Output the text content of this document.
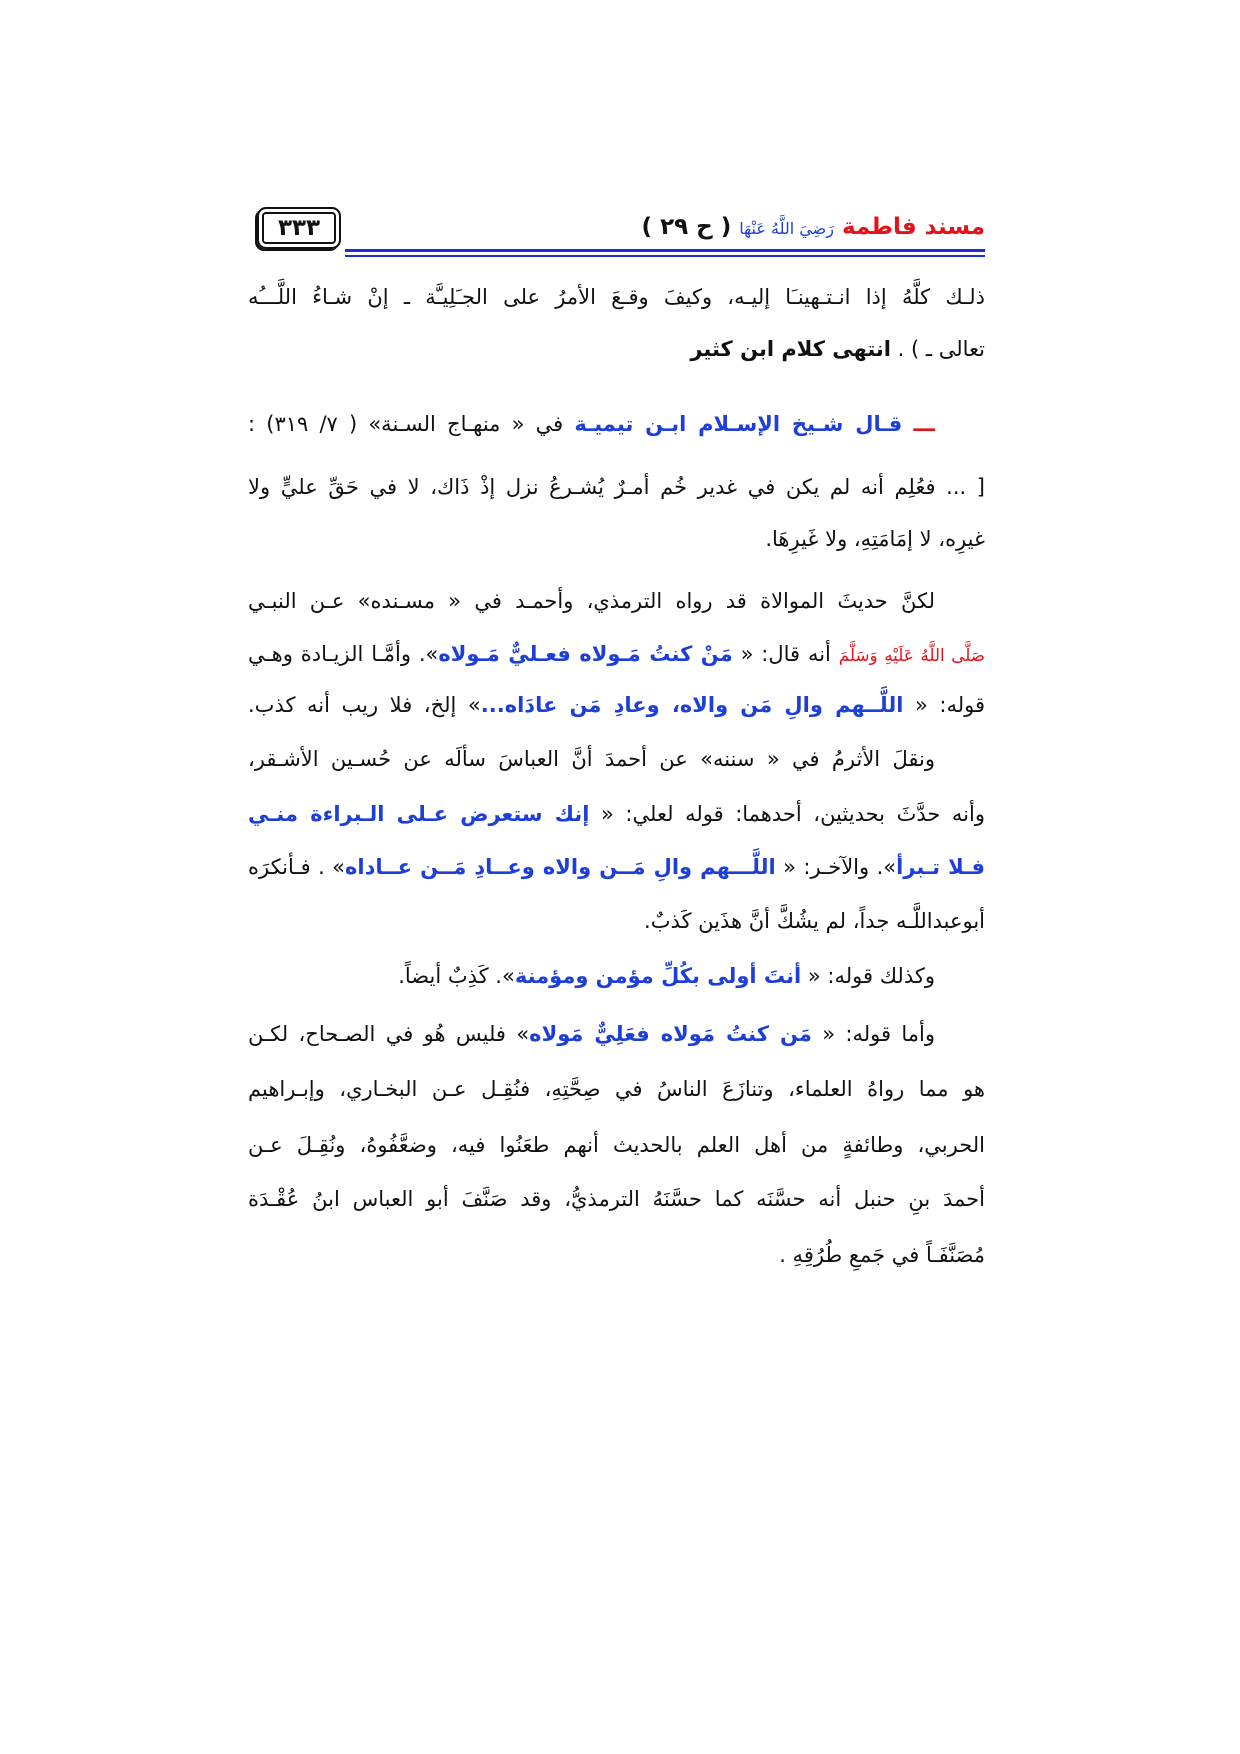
مسند فاطمة رَضِيَ اللَّهُ عَنْهَا ( ح ٢٩ )
٣٣٣
ذلـك كلَّهُ إذا انـتـهينـَا إليـه، وكيفَ وقـعَ الأمرُ على الجـَلِيـَّة ـ إنْ شـاءُ اللَّـــُه
تعالى ـ ) . انتهى كلام ابن كثير
ـــ قـال شـيخ الإسـلام ابـن تيميـة في « منهـاج السـنة» ( ٧/ ٣١٩) :
[ ... فعُلِم أنه لم يكن في غدير خُم أمـرٌ يُشـرعُ نزل إذْ ذَاك، لا في حَقِّ عليٍّ ولا
غيرِه، لا إمَامَتِهِ، ولا غَيرِهَا.
لكنَّ حديثَ الموالاة قد رواه الترمذي، وأحمـد في « مسـنده» عـن النبـي
صَلَّى اللَّهُ عَلَيْهِ وَسَلَّمَ أنه قال: « مَنْ كنتُ مَـولاه فعـليٌّ مَـولاه». وأمَّـا الزيـادة وهـي
قوله: « اللَّــهم والِ مَن والاه، وعادِ مَن عادَاه...» إلخ، فلا ريب أنه كذب.
ونقلَ الأثرمُ في « سننه» عن أحمدَ أنَّ العباسَ سألَه عن حُسـين الأشـقر،
وأنه حدَّثَ بحديثين، أحدهما: قوله لعلي: « إنك ستعرض عـلى الـبراءة منـي
فـلا تـبرأ». والآخـر: « اللَّـــهم والِ مَــن والاه وعــادِ مَــن عــاداه» . فـأنكرَه
أبوعبداللَّـه جداً، لم يشُكَّ أنَّ هذَين كَذبٌ.
وكذلك قوله: « أنتَ أولى بكُلِّ مؤمن ومؤمنة». كَذِبٌ أيضاً.
وأما قوله: « مَن كنتُ مَولاه فعَلِيٌّ مَولاه» فليس هُو في الصـحاح، لكـن
هو مما رواهُ العلماء، وتنازَعَ الناسُ في صِحَّتِهِ، فنُقِـل عـن البخـاري، وإبـراهيم
الحربي، وطائفةٍ من أهل العلم بالحديث أنهم طعَنُوا فيه، وضعَّفُوهُ، ونُقِـلَ عـن
أحمدَ بنِ حنبل أنه حسَّنَه كما حسَّنَهُ الترمذيُّ، وقد صَنَّفَ أبو العباس ابنُ عُقْـدَة
مُصَنَّفَـاً في جَمعِ طُرُقِهِ .
